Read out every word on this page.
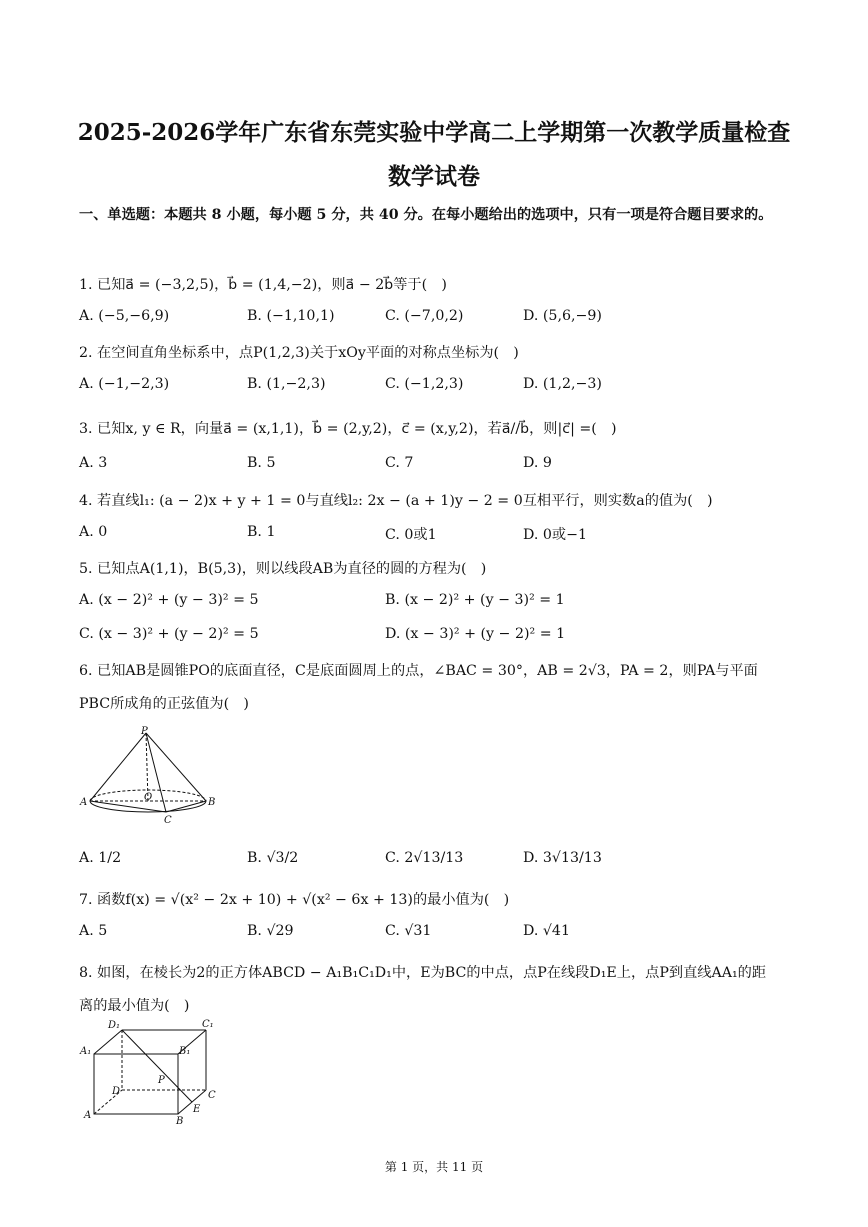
2025-2026学年广东省东莞实验中学高二上学期第一次教学质量检查
数学试卷
一、单选题：本题共 8 小题，每小题 5 分，共 40 分。在每小题给出的选项中，只有一项是符合题目要求的。
1. 已知a⃗ = (−3,2,5)，b⃗ = (1,4,−2)，则a⃗ − 2b⃗等于(　)
A. (−5,−6,9)	B. (−1,10,1)	C. (−7,0,2)	D. (5,6,−9)
2. 在空间直角坐标系中，点P(1,2,3)关于xOy平面的对称点坐标为(　)
A. (−1,−2,3)	B. (1,−2,3)	C. (−1,2,3)	D. (1,2,−3)
3. 已知x, y ∈ R，向量a⃗ = (x,1,1)，b⃗ = (2,y,2)，c⃗ = (x,y,2)，若a⃗//b⃗，则|c⃗| =(　)
A. 3	B. 5	C. 7	D. 9
4. 若直线l₁: (a − 2)x + y + 1 = 0与直线l₂: 2x − (a + 1)y − 2 = 0互相平行，则实数a的值为(　)
A. 0	B. 1	C. 0或1	D. 0或−1
5. 已知点A(1,1)，B(5,3)，则以线段AB为直径的圆的方程为(　)
A. (x − 2)² + (y − 3)² = 5	B. (x − 2)² + (y − 3)² = 1
C. (x − 3)² + (y − 2)² = 5	D. (x − 3)² + (y − 2)² = 1
6. 已知AB是圆锥PO的底面直径，C是底面圆周上的点，∠BAC = 30°，AB = 2√3，PA = 2，则PA与平面
PBC所成角的正弦值为(　)
P
O
A	B
C
A. 1/2	B. √3/2	C. 2√13/13	D. 3√13/13
7. 函数f(x) = √(x² − 2x + 10) + √(x² − 6x + 13)的最小值为(　)
A. 5	B. √29	C. √31	D. √41
8. 如图，在棱长为2的正方体ABCD − A₁B₁C₁D₁中，E为BC的中点，点P在线段D₁E上，点P到直线AA₁的距
离的最小值为(　)
D₁	C₁
A₁	B₁
P
D	C
A
E
B
第 1 页，共 11 页
